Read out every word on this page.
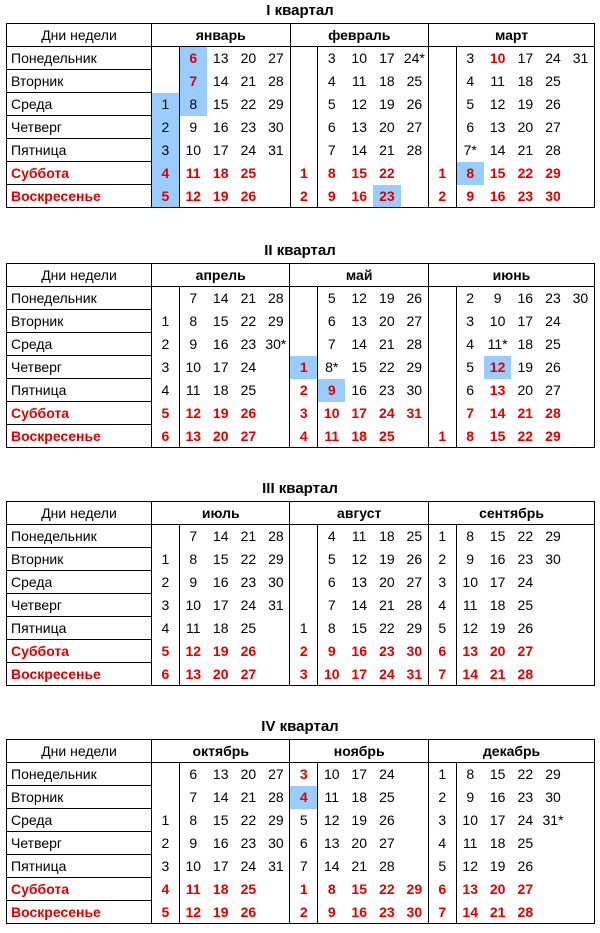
I квартал
Дни недели	январь					февраль					март					
Понедельник		6	13	20	27		3	10	17	24*		3	10	17	24	31
Вторник		7	14	21	28		4	11	18	25		4	11	18	25	
Среда	1	8	15	22	29		5	12	19	26		5	12	19	26	
Четверг	2	9	16	23	30		6	13	20	27		6	13	20	27	
Пятница	3	10	17	24	31		7	14	21	28		7*	14	21	28	
Суббота	4	11	18	25		1	8	15	22		1	8	15	22	29	
Воскресенье	5	12	19	26		2	9	16	23		2	9	16	23	30	
II квартал
Дни недели	апрель					май					июнь					
Понедельник		7	14	21	28		5	12	19	26		2	9	16	23	30
Вторник	1	8	15	22	29		6	13	20	27		3	10	17	24	
Среда	2	9	16	23	30*		7	14	21	28		4	11*	18	25	
Четверг	3	10	17	24		1	8*	15	22	29		5	12	19	26	
Пятница	4	11	18	25		2	9	16	23	30		6	13	20	27	
Суббота	5	12	19	26		3	10	17	24	31		7	14	21	28	
Воскресенье	6	13	20	27		4	11	18	25		1	8	15	22	29	
III квартал
Дни недели	июль					август					сентябрь					
Понедельник		7	14	21	28		4	11	18	25	1	8	15	22	29	
Вторник	1	8	15	22	29		5	12	19	26	2	9	16	23	30	
Среда	2	9	16	23	30		6	13	20	27	3	10	17	24		
Четверг	3	10	17	24	31		7	14	21	28	4	11	18	25		
Пятница	4	11	18	25		1	8	15	22	29	5	12	19	26		
Суббота	5	12	19	26		2	9	16	23	30	6	13	20	27		
Воскресенье	6	13	20	27		3	10	17	24	31	7	14	21	28		
IV квартал
Дни недели	октябрь					ноябрь					декабрь					
Понедельник		6	13	20	27	3	10	17	24		1	8	15	22	29	
Вторник		7	14	21	28	4	11	18	25		2	9	16	23	30	
Среда	1	8	15	22	29	5	12	19	26		3	10	17	24	31*	
Четверг	2	9	16	23	30	6	13	20	27		4	11	18	25		
Пятница	3	10	17	24	31	7	14	21	28		5	12	19	26		
Суббота	4	11	18	25		1	8	15	22	29	6	13	20	27		
Воскресенье	5	12	19	26		2	9	16	23	30	7	14	21	28		
